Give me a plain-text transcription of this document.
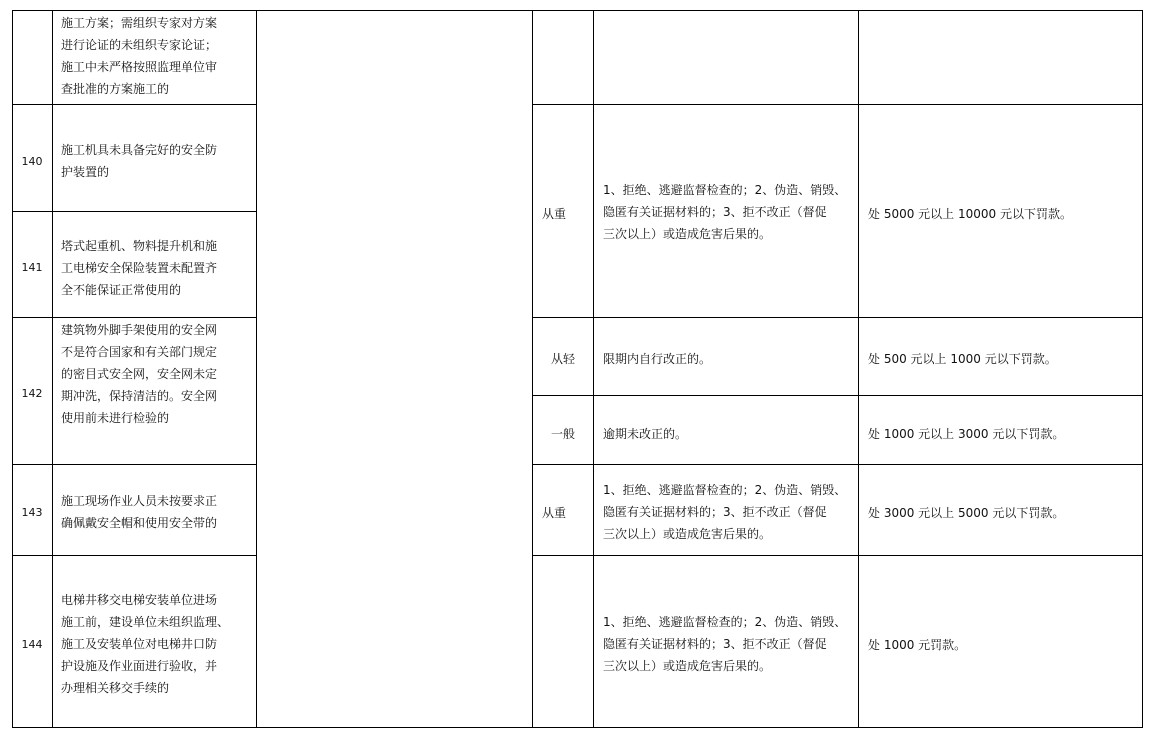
施工方案；需组织专家对方案
进行论证的未组织专家论证；
施工中未严格按照监理单位审
查批准的方案施工的
140
施工机具未具备完好的安全防
护装置的
141
塔式起重机、物料提升机和施
工电梯安全保险装置未配置齐
全不能保证正常使用的
142
建筑物外脚手架使用的安全网
不是符合国家和有关部门规定
的密目式安全网，安全网未定
期冲洗，保持清洁的。安全网
使用前未进行检验的
143
施工现场作业人员未按要求正
确佩戴安全帽和使用安全带的
144
电梯井移交电梯安装单位进场
施工前，建设单位未组织监理、
施工及安装单位对电梯井口防
护设施及作业面进行验收，并
办理相关移交手续的
从重
1、拒绝、逃避监督检查的；2、伪造、销毁、
隐匿有关证据材料的；3、拒不改正（督促
三次以上）或造成危害后果的。
处 5000 元以上 10000 元以下罚款。
从轻 限期内自行改正的。	处 500 元以上 1000 元以下罚款。
一般 逾期未改正的。	处 1000 元以上 3000 元以下罚款。
从重
1、拒绝、逃避监督检查的；2、伪造、销毁、
隐匿有关证据材料的；3、拒不改正（督促
三次以上）或造成危害后果的。
处 3000 元以上 5000 元以下罚款。
1、拒绝、逃避监督检查的；2、伪造、销毁、
隐匿有关证据材料的；3、拒不改正（督促
三次以上）或造成危害后果的。
处 1000 元罚款。
